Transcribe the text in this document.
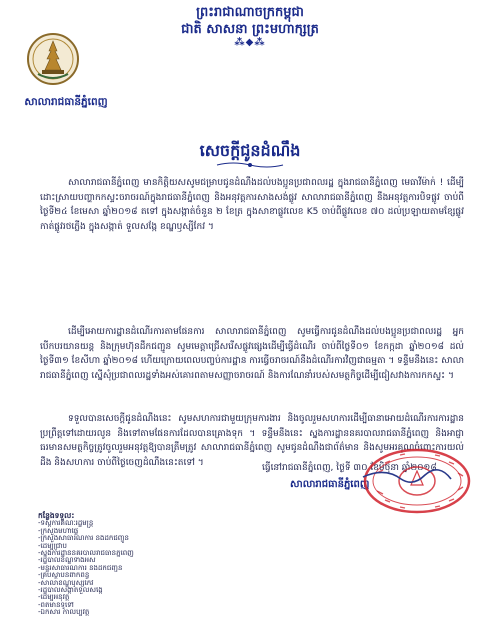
ព្រះរាជាណាចក្រកម្ពុជា
ជាតិ សាសនា ព្រះមហាក្សត្រ
⁂◆⁂
សាលារាជធានីភ្នំពេញ
សេចក្តីជូនដំណឹង
សាលារាជធានីភ្នំពេញ មានកិត្តិយសសូមជម្រាបជូនដំណឹងដល់បងប្អូនប្រជាពលរដ្ឋ ក្នុងរាជធានីភ្នំពេញ មេធាវីម៉ាក់ ! ដើម្បីដោះស្រាយបញ្ហាកកស្ទះចរាចរណ៍ក្នុងរាជធានីភ្នំពេញ និងអនុវត្តការសាងសង់ផ្លូវ សាលារាជធានីភ្នំពេញ នឹងអនុវត្តការបិទផ្លូវ ចាប់ពីថ្ងៃទី២៤ ខែមេសា ឆ្នាំ២០១៨ តទៅ ក្នុងសង្កាត់ចំនួន ២ ខែត្រ ក្នុងសាខាផ្លូវលេខ K5 ចាប់ពីផ្លូវលេខ ៧០ ដល់ប្រឡាយតាមខ្សែផ្លូវកាត់ផ្លូវរថភ្លើង ក្នុងសង្កាត់ ទួលសង្កែ ខណ្ឌឫស្សីកែវ ។
ដើម្បីអោយការដ្ឋានដំណើរការតាមផែនការ សាលារាជធានីភ្នំពេញ សូមធ្វើការជូនដំណឹងដល់បងប្អូនប្រជាពលរដ្ឋ អ្នកបើកបរយានយន្ត និងក្រុមហ៊ុនដឹកជញ្ជូន សូមមេត្តាជ្រើសរើសផ្លូវផ្សេងដើម្បីធ្វើដំណើរ ចាប់ពីថ្ងៃទី០១ ខែកក្កដា ឆ្នាំ២០១៨ ដល់ថ្ងៃទី៣១ ខែសីហា ឆ្នាំ២០១៨ ហើយក្រោយពេលបញ្ចប់ការដ្ឋាន ការធ្វើចរាចរណ៍នឹងដំណើរការវិញជាធម្មតា ។ ទន្ទឹមនឹងនេះ សាលារាជធានីភ្នំពេញ ស្នើសុំប្រជាពលរដ្ឋទាំងអស់គោរពតាមសញ្ញាចរាចរណ៍ និងការណែនាំរបស់សមត្ថកិច្ចដើម្បីជៀសវាងការកកស្ទះ ។
ទទួលបានសេចក្តីជូនដំណឹងនេះ សូមសហការជាមួយក្រុមការងារ និងចូលរួមសហការដើម្បីធានាអោយដំណើរការការដ្ឋាន ប្រព្រឹត្តទៅដោយរលូន និងទៅតាមផែនការដែលបានគ្រោងទុក ។ ទន្ទឹមនឹងនេះ ស្នងការដ្ឋាននគរបាលរាជធានីភ្នំពេញ និងអាជ្ញាធរមានសមត្ថកិច្ចត្រូវចូលរួមអនុវត្តឱ្យបានត្រឹមត្រូវ សាលារាជធានីភ្នំពេញ សូមជូនដំណឹងជាព័ត៌មាន និងសូមអរគុណចំពោះការយល់ដឹង និងសហការ ចាប់ពីថ្ងៃចេញដំណឹងនេះតទៅ ។
ធ្វើនៅរាជធានីភ្នំពេញ, ថ្ងៃទី ៣០ ខែមិថុនា ឆ្នាំ២០១៨
សាលារាជធានីភ្នំពេញ
កន្លែងទទួល:
-ទីស្តីការគណៈរដ្ឋមន្ត្រី
-ក្រសួងមហាផ្ទៃ
-ក្រសួងសាធារណការ និងដឹកជញ្ជូន
-ដើម្បីជ្រាប
-ស្នងការដ្ឋាននគរបាលរាជធានីភ្នំពេញ
-រដ្ឋបាលខណ្ឌទាំងអស់
-មន្ទីរសាធារណការ និងដឹកជញ្ជូន
-គ្រប់ស្ថាប័នពាក់ព័ន្ធ
-សាលាខណ្ឌឫស្សីកែវ
-រដ្ឋបាលសង្កាត់ទួលសង្កែ
-ដើម្បីអនុវត្ត
-ព័ត៌មានទូទៅ
-ឯកសារ កាលប្បវត្តិ
